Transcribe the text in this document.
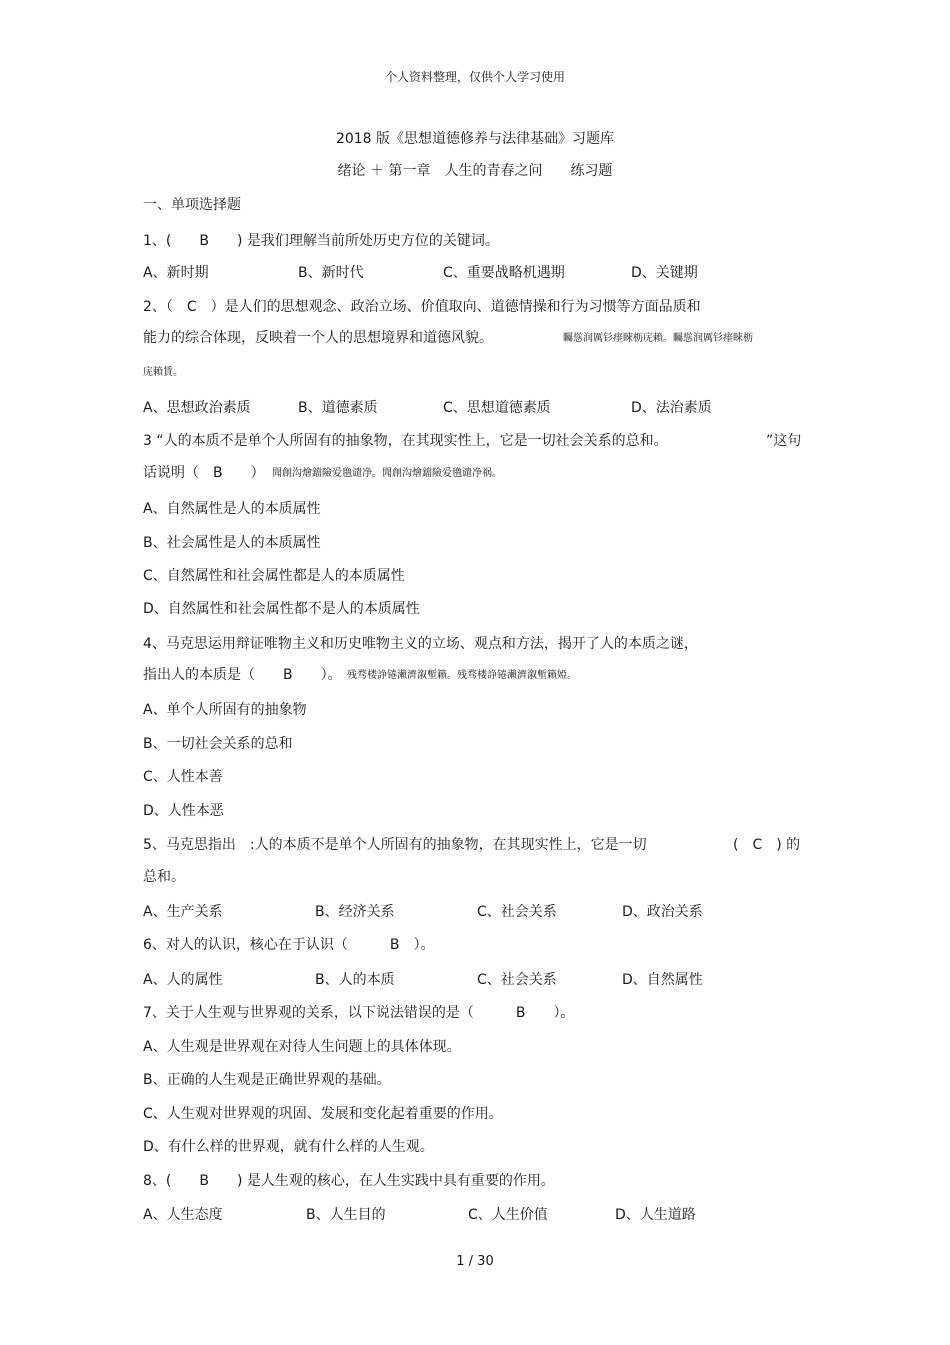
个人资料整理，仅供个人学习使用
2018 版《思想道德修养与法律基础》习题库
绪论 ＋ 第一章　人生的青春之问　　练习题
一、单项选择题
1、(　　B　　) 是我们理解当前所处历史方位的关键词。
A、新时期	B、新时代	C、重要战略机遇期	D、关键期
2、（　C　）是人们的思想观念、政治立场、价值取向、道德情操和行为习惯等方面品质和
能力的综合体现，反映着一个人的思想境界和道德风貌。	矚慫润厲钐瘗睞枥庑賴。矚慫润厲钐瘗睞枥
庑賴賃。
A、思想政治素质	B、道德素质	C、思想道德素质	D、法治素质
3 “人的本质不是单个人所固有的抽象物，在其现实性上，它是一切社会关系的总和。	”这句
话说明（　B　　） 聞創沟燴鐺險爱氇谴净。聞創沟燴鐺險爱氇谴净祸。
A、自然属性是人的本质属性
B、社会属性是人的本质属性
C、自然属性和社会属性都是人的本质属性
D、自然属性和社会属性都不是人的本质属性
4、马克思运用辩证唯物主义和历史唯物主义的立场、观点和方法，揭开了人的本质之谜，
指出人的本质是（　　B　　）。 残骛楼諍锩瀨濟溆塹籟。残骛楼諍锩瀨濟溆塹籟婭。
A、单个人所固有的抽象物
B、一切社会关系的总和
C、人性本善
D、人性本恶
5、马克思指出　:人的本质不是单个人所固有的抽象物，在其现实性上，它是一切	(　C　) 的
总和。
A、生产关系	B、经济关系	C、社会关系	D、政治关系
6、对人的认识，核心在于认识（　　　B　）。
A、人的属性	B、人的本质	C、社会关系	D、自然属性
7、关于人生观与世界观的关系，以下说法错误的是（　　　B　　）。
A、人生观是世界观在对待人生问题上的具体体现。
B、正确的人生观是正确世界观的基础。
C、人生观对世界观的巩固、发展和变化起着重要的作用。
D、有什么样的世界观，就有什么样的人生观。
8、(　　B　　) 是人生观的核心，在人生实践中具有重要的作用。
A、人生态度	B、人生目的	C、人生价值	D、人生道路
1 / 30
